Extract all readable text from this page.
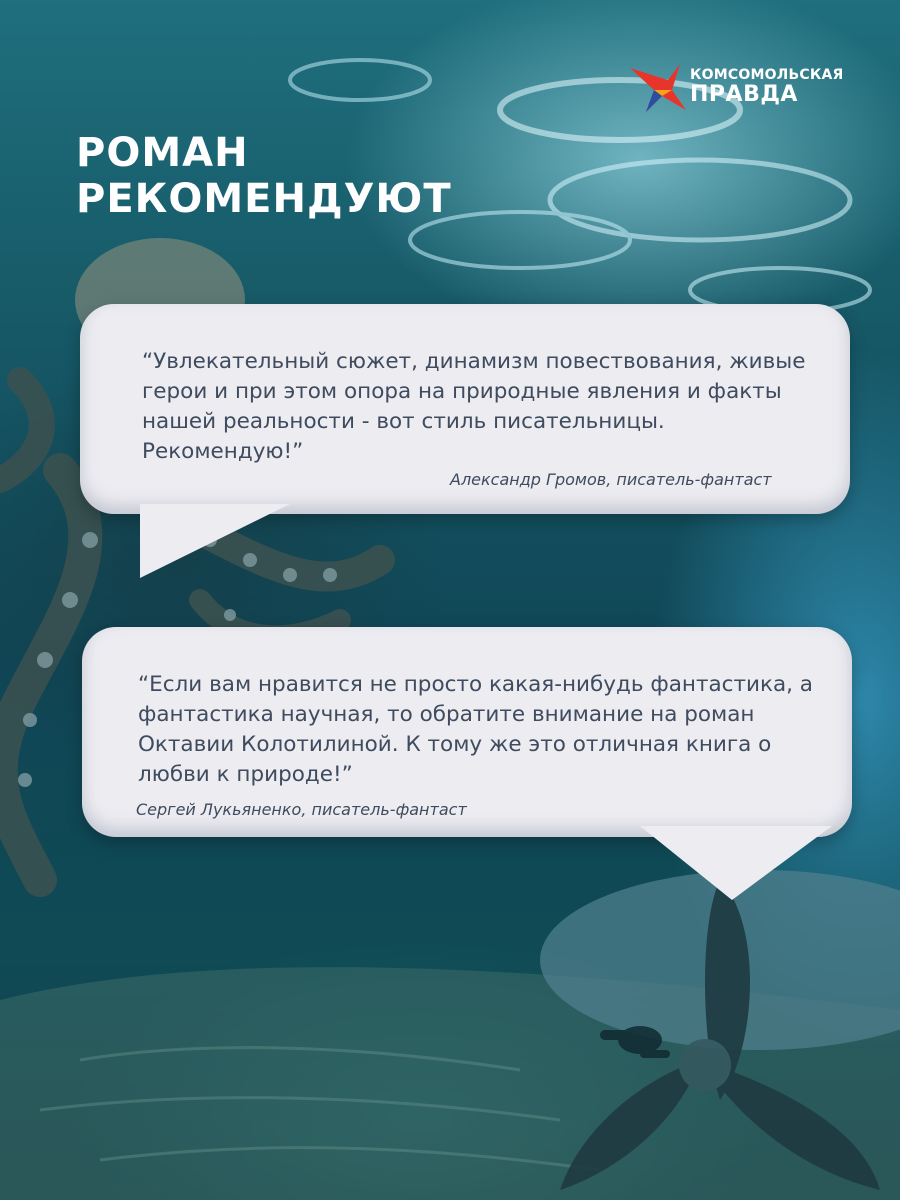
КОМСОМОЛЬСКАЯ
ПРАВДА
РОМАН
РЕКОМЕНДУЮТ
“Увлекательный сюжет, динамизм повествования, живые герои и при этом опора на природные явления и факты нашей реальности - вот стиль писательницы. Рекомендую!”
Александр Громов, писатель-фантаст
“Если вам нравится не просто какая-нибудь фантастика, а фантастика научная, то обратите внимание на роман Октавии Колотилиной. К тому же это отличная книга о любви к природе!”
Сергей Лукьяненко, писатель-фантаст
